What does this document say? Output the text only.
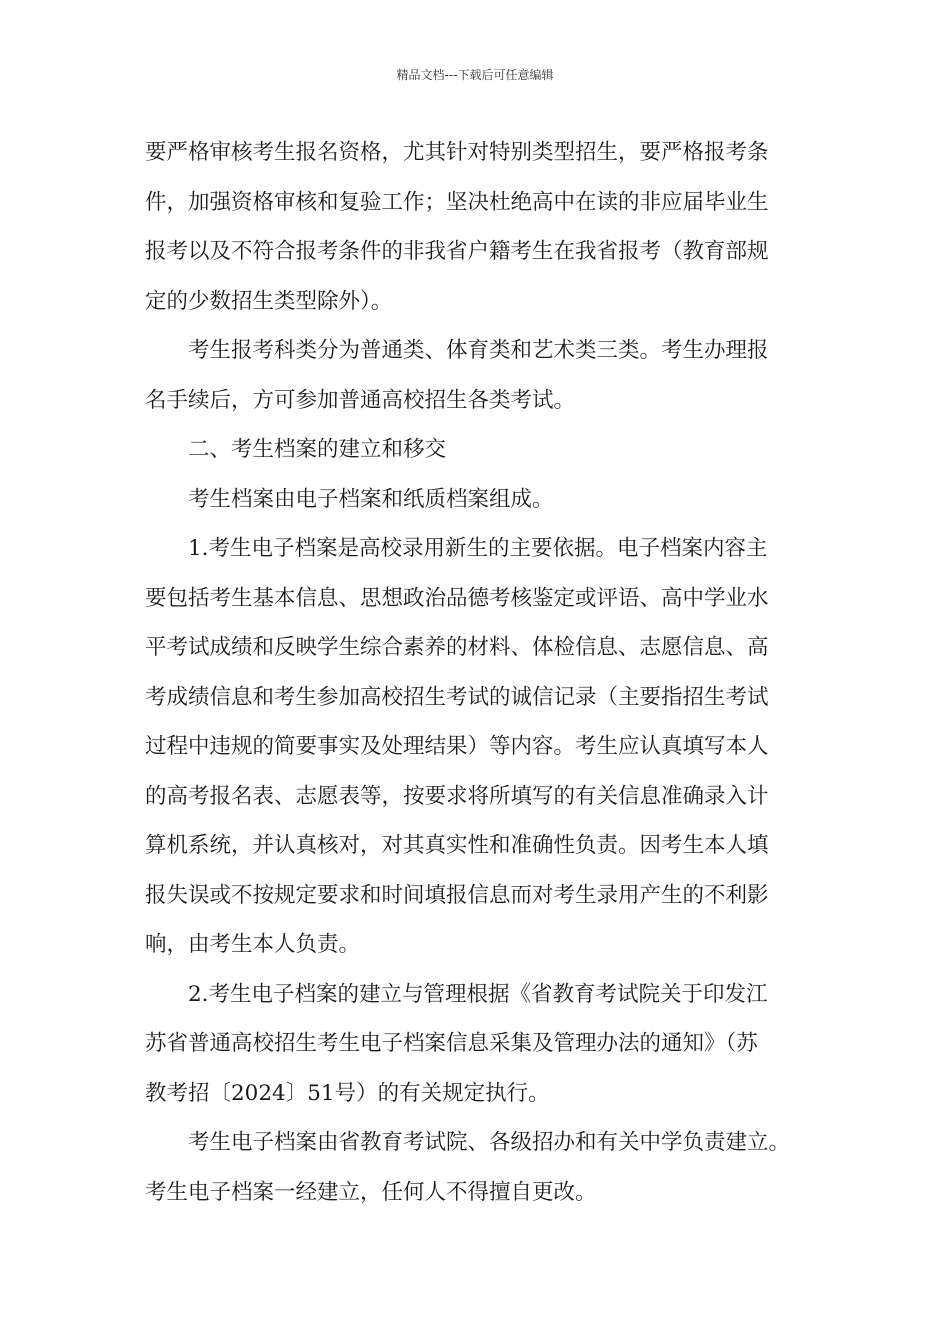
精品文档---下载后可任意编辑
要严格审核考生报名资格，尤其针对特别类型招生，要严格报考条
件，加强资格审核和复验工作；坚决杜绝高中在读的非应届毕业生
报考以及不符合报考条件的非我省户籍考生在我省报考（教育部规
定的少数招生类型除外）。
考生报考科类分为普通类、体育类和艺术类三类。考生办理报
名手续后，方可参加普通高校招生各类考试。
二、考生档案的建立和移交
考生档案由电子档案和纸质档案组成。
1.考生电子档案是高校录用新生的主要依据。电子档案内容主
要包括考生基本信息、思想政治品德考核鉴定或评语、高中学业水
平考试成绩和反映学生综合素养的材料、体检信息、志愿信息、高
考成绩信息和考生参加高校招生考试的诚信记录（主要指招生考试
过程中违规的简要事实及处理结果）等内容。考生应认真填写本人
的高考报名表、志愿表等，按要求将所填写的有关信息准确录入计
算机系统，并认真核对，对其真实性和准确性负责。因考生本人填
报失误或不按规定要求和时间填报信息而对考生录用产生的不利影
响，由考生本人负责。
2.考生电子档案的建立与管理根据《省教育考试院关于印发江
苏省普通高校招生考生电子档案信息采集及管理办法的通知》（苏
教考招〔2024〕51号）的有关规定执行。
考生电子档案由省教育考试院、各级招办和有关中学负责建立。
考生电子档案一经建立，任何人不得擅自更改。
